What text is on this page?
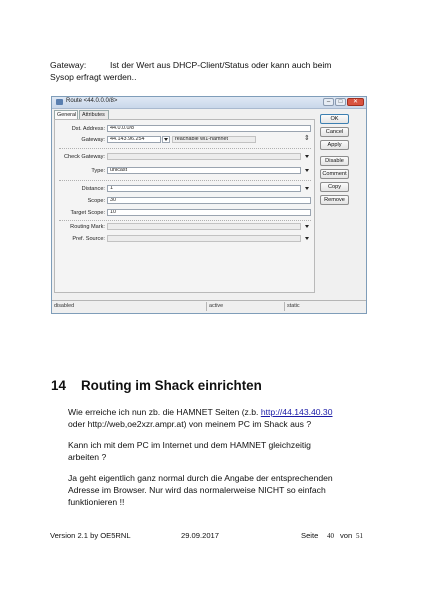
Gateway:	Ist der Wert aus DHCP-Client/Status oder kann auch beim
Sysop erfragt werden..
Route <44.0.0.0/8>	–	□	✕
General	Attributes
Dst. Address: 44.0.0.0/8
Gateway: 44.143.96.254	reachable wl1-hamnet	⇕
Check Gateway:
Type: unicast
Distance: 1
Scope: 30
Target Scope: 10
Routing Mark:
Pref. Source:
OK
Cancel
Apply
Disable
Comment
Copy
Remove
disabled	active	static
14 Routing im Shack einrichten
Wie erreiche ich nun zb. die HAMNET Seiten (z.b. http://44.143.40.30
oder http://web,oe2xzr.ampr.at) von meinem PC im Shack aus ?
Kann ich mit dem PC im Internet und dem HAMNET gleichzeitig
arbeiten ?
Ja geht eigentlich ganz normal durch die Angabe der entsprechenden
Adresse im Browser. Nur wird das normalerweise NICHT so einfach
funktionieren !!
Version 2.1 by OE5RNL	29.09.2017	Seite 40 von 51
